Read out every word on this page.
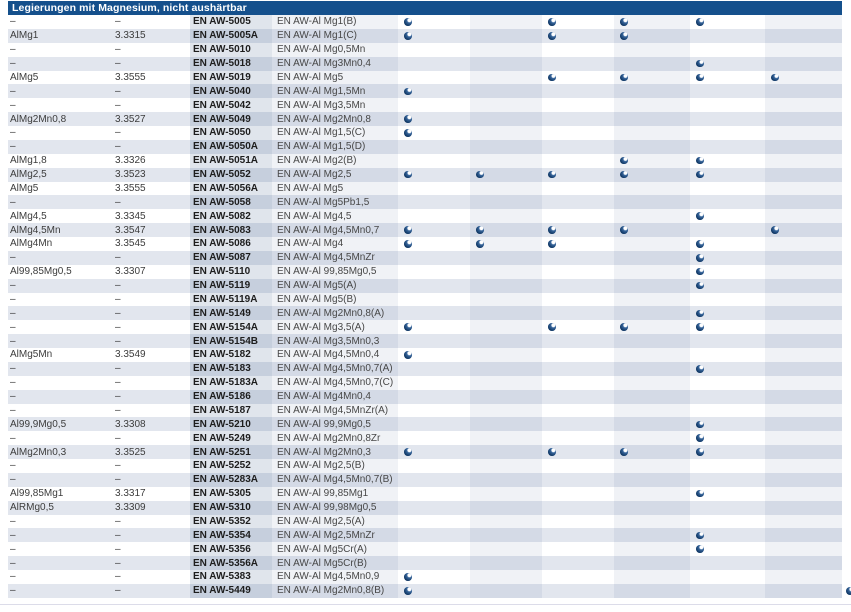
Legierungen mit Magnesium, nicht aushärtbar
–	–	EN AW-5005	EN AW-Al Mg1(B)
AlMg1	3.3315	EN AW-5005A	EN AW-Al Mg1(C)
–	–	EN AW-5010	EN AW-Al Mg0,5Mn
–	–	EN AW-5018	EN AW-Al Mg3Mn0,4
AlMg5	3.3555	EN AW-5019	EN AW-Al Mg5
–	–	EN AW-5040	EN AW-Al Mg1,5Mn
–	–	EN AW-5042	EN AW-Al Mg3,5Mn
AlMg2Mn0,8	3.3527	EN AW-5049	EN AW-Al Mg2Mn0,8
–	–	EN AW-5050	EN AW-Al Mg1,5(C)
–	–	EN AW-5050A	EN AW-Al Mg1,5(D)
AlMg1,8	3.3326	EN AW-5051A	EN AW-Al Mg2(B)
AlMg2,5	3.3523	EN AW-5052	EN AW-Al Mg2,5
AlMg5	3.3555	EN AW-5056A	EN AW-Al Mg5
–	–	EN AW-5058	EN AW-Al Mg5Pb1,5
AlMg4,5	3.3345	EN AW-5082	EN AW-Al Mg4,5
AlMg4,5Mn	3.3547	EN AW-5083	EN AW-Al Mg4,5Mn0,7
AlMg4Mn	3.3545	EN AW-5086	EN AW-Al Mg4
–	–	EN AW-5087	EN AW-Al Mg4,5MnZr
Al99,85Mg0,5	3.3307	EN AW-5110	EN AW-Al 99,85Mg0,5
–	–	EN AW-5119	EN AW-Al Mg5(A)
–	–	EN AW-5119A	EN AW-Al Mg5(B)
–	–	EN AW-5149	EN AW-Al Mg2Mn0,8(A)
–	–	EN AW-5154A	EN AW-Al Mg3,5(A)
–	–	EN AW-5154B	EN AW-Al Mg3,5Mn0,3
AlMg5Mn	3.3549	EN AW-5182	EN AW-Al Mg4,5Mn0,4
–	–	EN AW-5183	EN AW-Al Mg4,5Mn0,7(A)
–	–	EN AW-5183A	EN AW-Al Mg4,5Mn0,7(C)
–	–	EN AW-5186	EN AW-Al Mg4Mn0,4
–	–	EN AW-5187	EN AW-Al Mg4,5MnZr(A)
Al99,9Mg0,5	3.3308	EN AW-5210	EN AW-Al 99,9Mg0,5
–	–	EN AW-5249	EN AW-Al Mg2Mn0,8Zr
AlMg2Mn0,3	3.3525	EN AW-5251	EN AW-Al Mg2Mn0,3
–	–	EN AW-5252	EN AW-Al Mg2,5(B)
–	–	EN AW-5283A	EN AW-Al Mg4,5Mn0,7(B)
Al99,85Mg1	3.3317	EN AW-5305	EN AW-Al 99,85Mg1
AlRMg0,5	3.3309	EN AW-5310	EN AW-Al 99,98Mg0,5
–	–	EN AW-5352	EN AW-Al Mg2,5(A)
–	–	EN AW-5354	EN AW-Al Mg2,5MnZr
–	–	EN AW-5356	EN AW-Al Mg5Cr(A)
–	–	EN AW-5356A	EN AW-Al Mg5Cr(B)
–	–	EN AW-5383	EN AW-Al Mg4,5Mn0,9
–	–	EN AW-5449	EN AW-Al Mg2Mn0,8(B)
